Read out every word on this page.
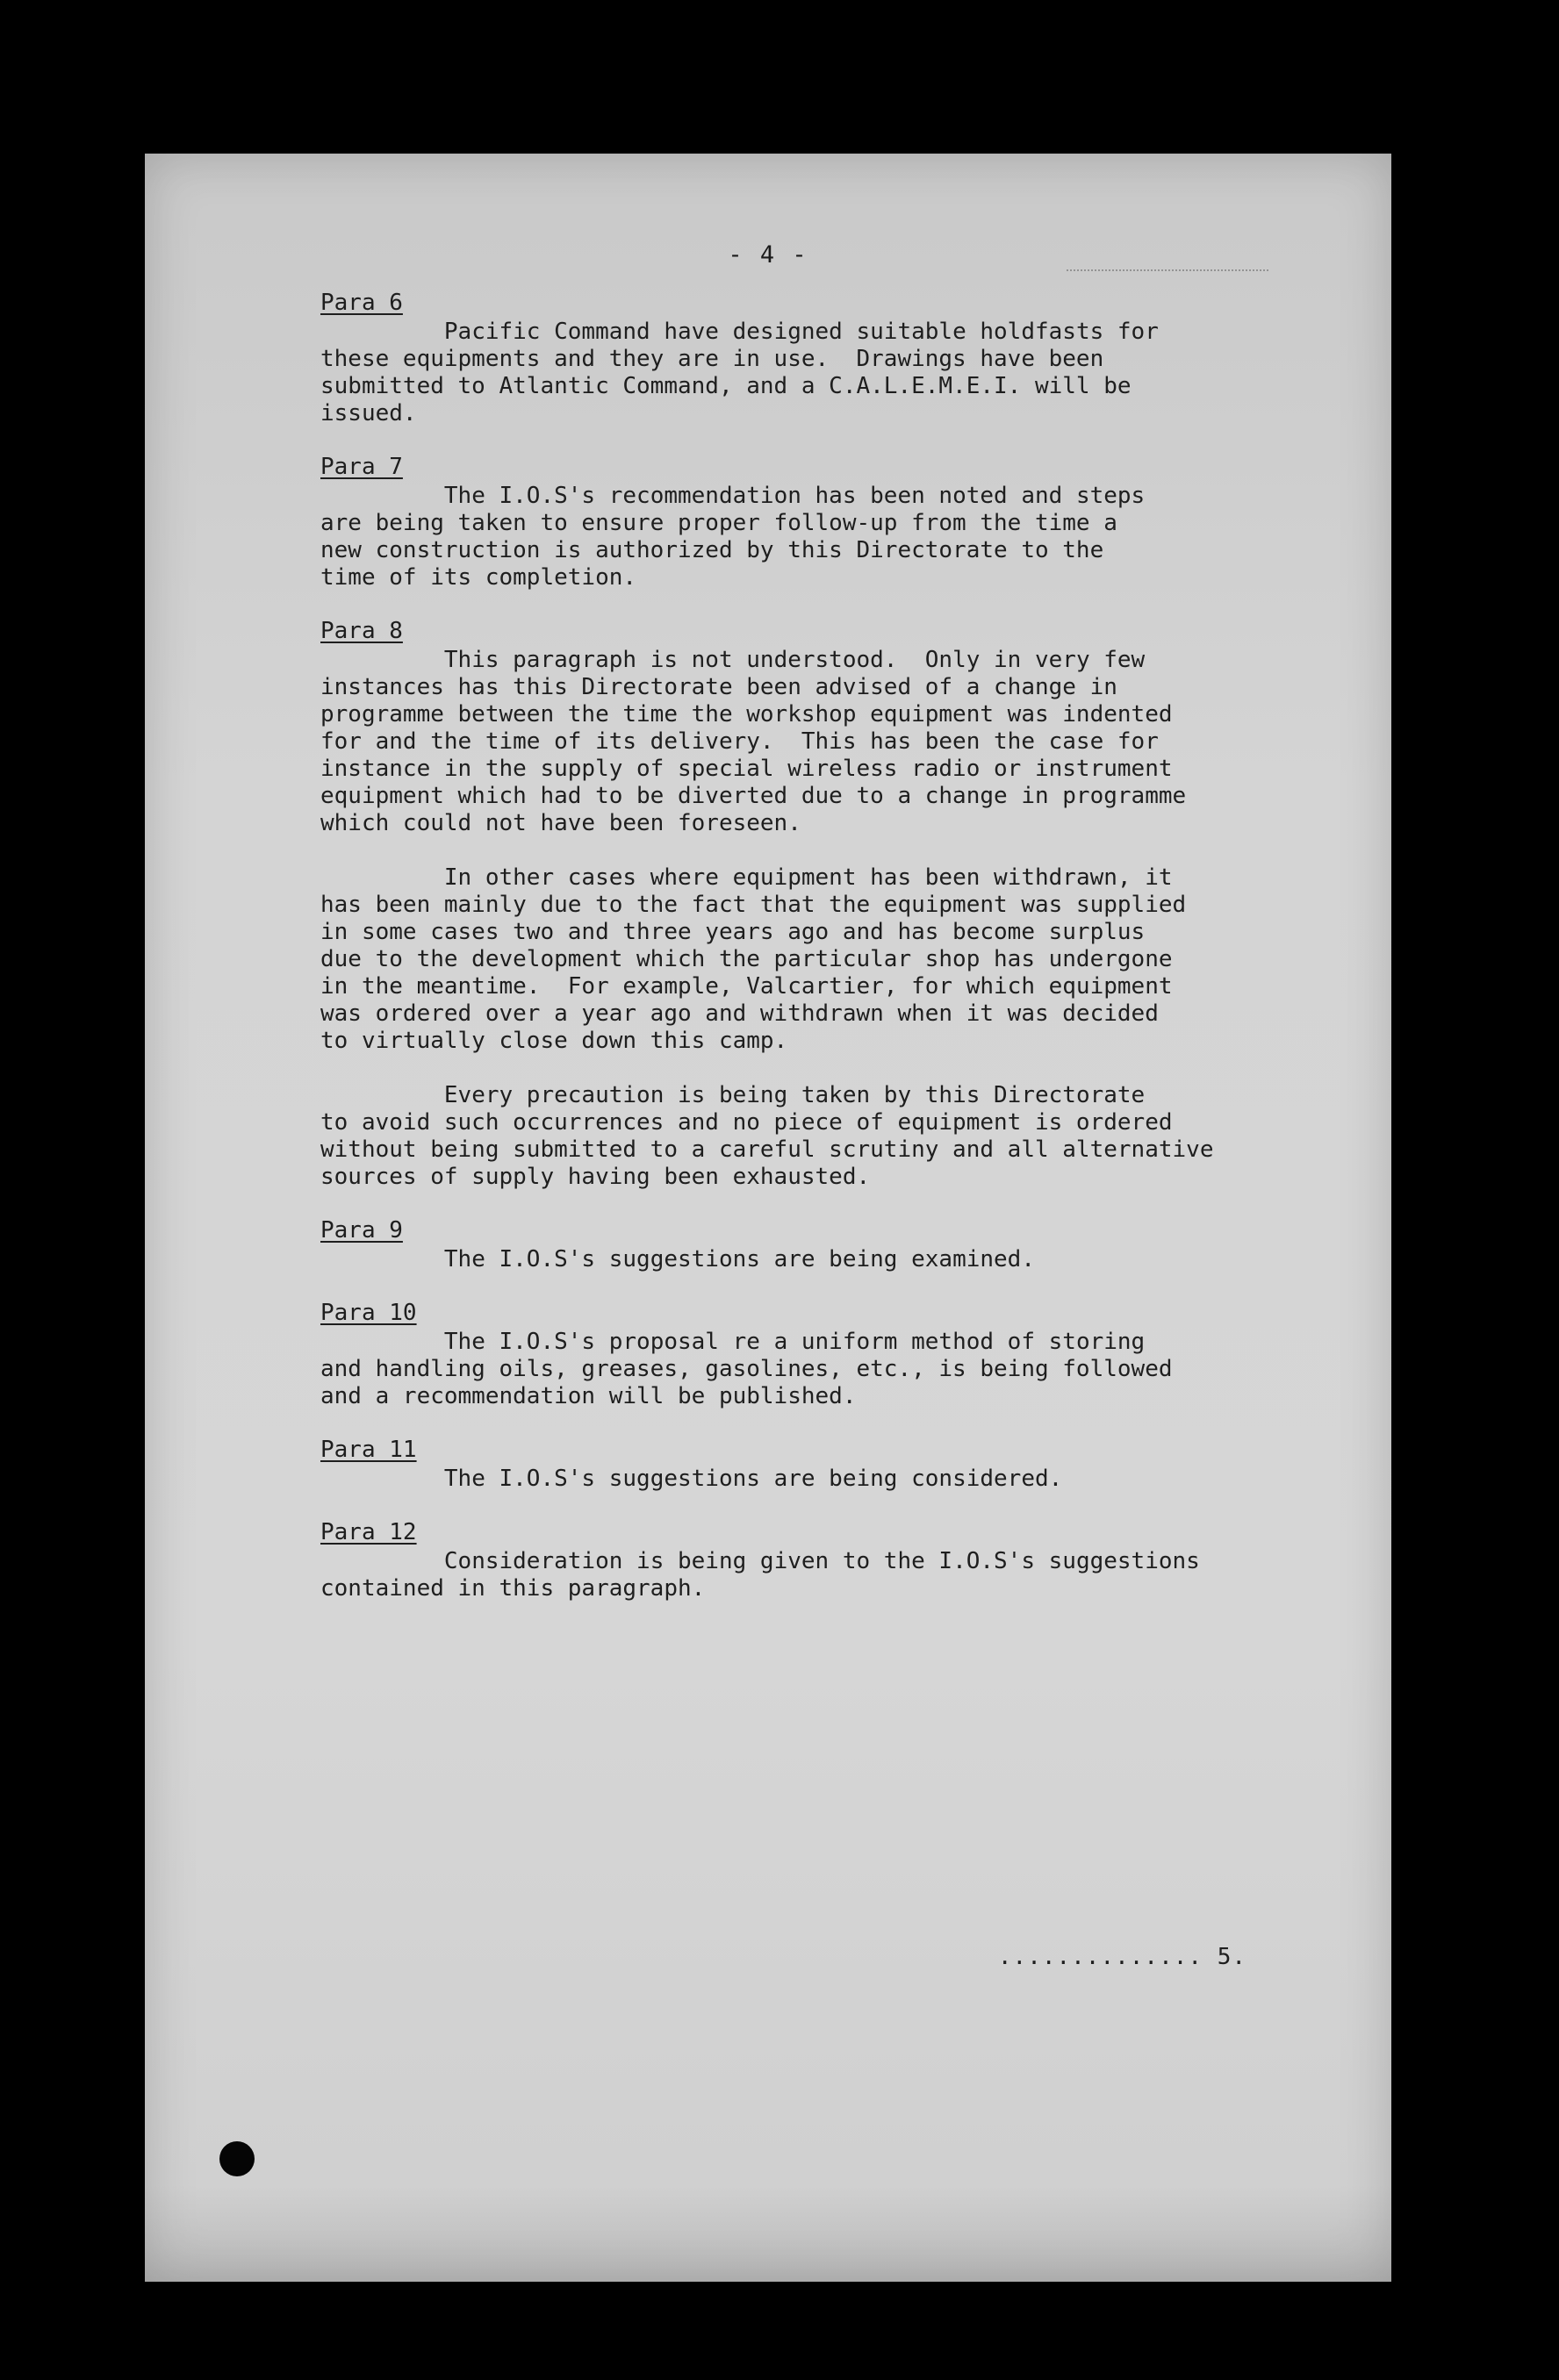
- 4 -
Para 6

Pacific Command have designed suitable holdfasts for
these equipments and they are in use.  Drawings have been
submitted to Atlantic Command, and a C.A.L.E.M.E.I. will be
issued.

Para 7

The I.O.S's recommendation has been noted and steps
are being taken to ensure proper follow-up from the time a
new construction is authorized by this Directorate to the
time of its completion.

Para 8

This paragraph is not understood.  Only in very few
instances has this Directorate been advised of a change in
programme between the time the workshop equipment was indented
for and the time of its delivery.  This has been the case for
instance in the supply of special wireless radio or instrument
equipment which had to be diverted due to a change in programme
which could not have been foreseen.

In other cases where equipment has been withdrawn, it
has been mainly due to the fact that the equipment was supplied
in some cases two and three years ago and has become surplus
due to the development which the particular shop has undergone
in the meantime.  For example, Valcartier, for which equipment
was ordered over a year ago and withdrawn when it was decided
to virtually close down this camp.

Every precaution is being taken by this Directorate
to avoid such occurrences and no piece of equipment is ordered
without being submitted to a careful scrutiny and all alternative
sources of supply having been exhausted.

Para 9

The I.O.S's suggestions are being examined.

Para 10

The I.O.S's proposal re a uniform method of storing
and handling oils, greases, gasolines, etc., is being followed
and a recommendation will be published.

Para 11

The I.O.S's suggestions are being considered.

Para 12

Consideration is being given to the I.O.S's suggestions
contained in this paragraph.

.............. 5.
